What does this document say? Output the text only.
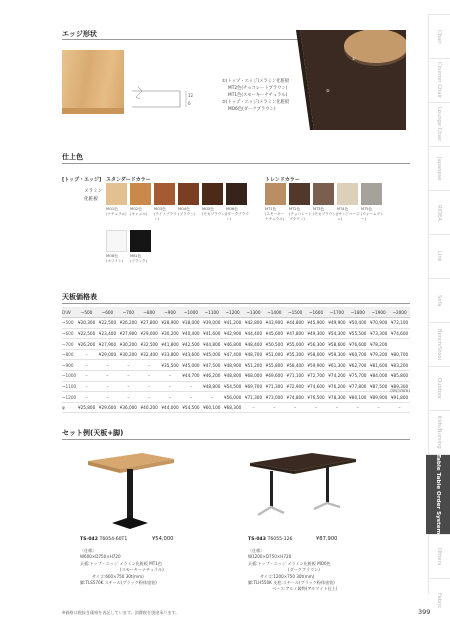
エッジ形状
12
6
①(トップ・エッジ)メラミン化粧板
MT2色(チョコレートブラウン)
MT1色(スモーキーナチュラル)
②(トップ・エッジ)メラミン化粧板
MO6色(ダークブラウン)
①
②
仕上色
[トップ・エッジ] スタンダードカラー	トレンドカラー
メラミン
化粧板
MO1色
(ナチュラル)
MO2色
(キャメル)
MO3色
(ライトブラウン)
MO4色
(ブラウン)
MO5色
(モカブラウン)
MO6色
(ダークブラウン)
MO8色
(ホワイト)
MBL色
(ブラック)
MT1色
(スモーキー
ナチュラル)
MT2色
(チョコレート
ブラウン)
MT3色
(モカブラウン)
MT4色
(サンドベージュ)
MT5色
(ウォームグレー)
天板価格表
D\W	~500	~600	~700	~800	~900	~1000	~1100	~1200	~1300	~1400	~1500	~1600	~1700	~1800	~1900	~2000
~500	¥20,300	¥22,500	¥26,200	¥27,800	¥28,900	¥38,000	¥39,000	¥41,200	¥42,800	¥43,900	¥44,800	¥45,900	¥49,900	¥50,400	¥70,900	¥72,100
~600	¥22,500	¥23,400	¥27,900	¥29,000	¥30,200	¥40,400	¥41,600	¥42,900	¥44,400	¥45,600	¥47,800	¥49,300	¥54,300	¥55,500	¥73,300	¥74,600
~700	¥26,200	¥27,900	¥30,200	¥32,500	¥41,800	¥42,500	¥44,800	¥46,800	¥48,400	¥50,500	¥55,000	¥56,300	¥58,600	¥76,600	¥78,200	
~800	–	¥29,000	¥30,200	¥32,400	¥33,800	¥43,600	¥45,000	¥47,400	¥48,700	¥51,000	¥55,300	¥58,000	¥59,300	¥60,700	¥79,200	¥80,700
~900	–	–	–	–	¥35,500	¥45,000	¥47,500	¥48,900	¥51,200	¥55,800	¥58,400	¥59,900	¥61,300	¥62,700	¥81,600	¥83,200
~1000	–	–	–	–	–	¥44,700	¥46,200	¥48,800	¥68,000	¥69,600	¥71,100	¥72,700	¥74,200	¥75,700	¥84,000	¥85,800
~1100	–	–	–	–	–	–	¥48,800	¥54,500	¥69,700	¥71,300	¥72,900	¥74,600	¥76,200	¥77,800	¥87,500	¥89,300
~1200	–	–	–	–	–	–	–	¥56,000	¥71,300	¥73,000	¥74,800	¥76,500	¥78,300	¥80,100	¥89,900	¥91,800
φ	¥25,800	¥29,600	¥36,000	¥40,200	¥44,000	¥54,500	¥60,100	¥68,300	–	–	–	–	–	–	–	–
(単位mm)
セット例(天板+脚)
TS-042 T6054-60T1	¥54,000
〈仕様〉
W600×D750×H720
天板:トップ・エッジ メラミン化粧板 MT1色
(スモーキーナチュラル)
サイズ:600×750 30t(mm)
脚:TLS570K スチール(ブラック粉体塗装)
TS-043 T6055-126	¥87,900
〈仕様〉
W1200×D750×H720
天板:トップ・エッジ メラミン化粧板 MO6色
(ダークブラウン)
サイズ:1200×750 30t(mm)
脚:TLH550K 支柱:スチール(ブラック粉体塗装)
ベース:アルミ鋳物(アルマイト仕上)
※価格は税抜き価格を表記しています。消費税を別途承ります。	399
Chair
Counter Chair
Lounge Chair
Japanese
RIDEA
Link
Sofa
Bench/Stool
Outdoor
Kids/Nursing
Table Table Order System
Others
Fabric
